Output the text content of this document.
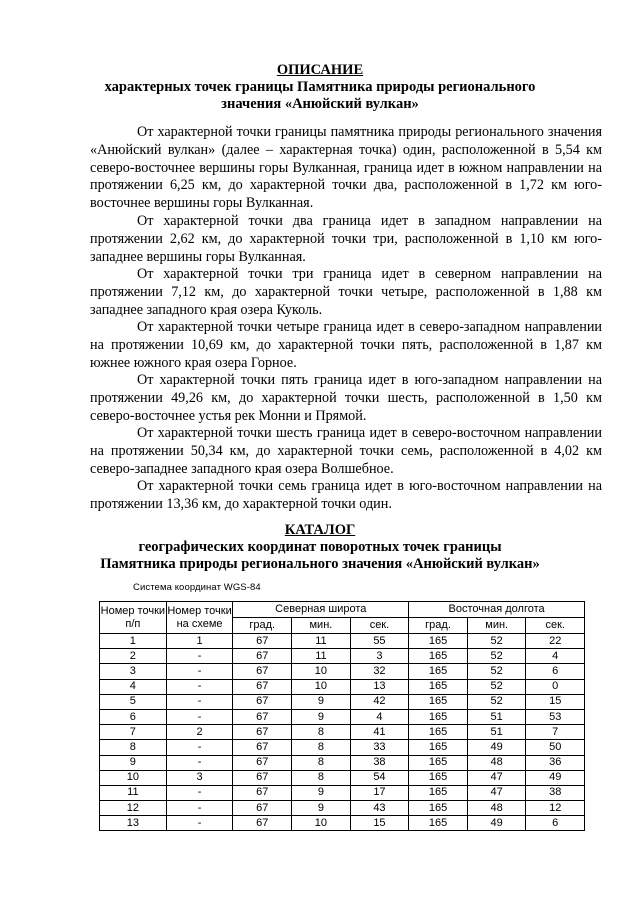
ОПИСАНИЕ
характерных точек границы Памятника природы регионального
значения «Анюйский вулкан»

От характерной точки границы памятника природы регионального значения «Анюйский вулкан» (далее – характерная точка) один, расположенной в 5,54 км северо-восточнее вершины горы Вулканная, граница идет в южном направлении на протяжении 6,25 км, до характерной точки два, расположенной в 1,72 км юго-восточнее вершины горы Вулканная.

От характерной точки два граница идет в западном направлении на протяжении 2,62 км, до характерной точки три, расположенной в 1,10 км юго-западнее вершины горы Вулканная.

От характерной точки три граница идет в северном направлении на протяжении 7,12 км, до характерной точки четыре, расположенной в 1,88 км западнее западного края озера Куколь.

От характерной точки четыре граница идет в северо-западном направлении на протяжении 10,69 км, до характерной точки пять, расположенной в 1,87 км южнее южного края озера Горное.

От характерной точки пять граница идет в юго-западном направлении на протяжении 49,26 км, до характерной точки шесть, расположенной в 1,50 км северо-восточнее устья рек Монни и Прямой.

От характерной точки шесть граница идет в северо-восточном направлении на протяжении 50,34 км, до характерной точки семь, расположенной в 4,02 км северо-западнее западного края озера Волшебное.

От характерной точки семь граница идет в юго-восточном направлении на протяжении 13,36 км, до характерной точки один.

КАТАЛОГ
географических координат поворотных точек границы
Памятника природы регионального значения «Анюйский вулкан»
Система координат WGS-84
Номер точки п/п	Номер точки на схеме	Северная широта			Восточная долгота		
		град.	мин.	сек.	град.	мин.	сек.
1	1	67	11	55	165	52	22
2	-	67	11	3	165	52	4
3	-	67	10	32	165	52	6
4	-	67	10	13	165	52	0
5	-	67	9	42	165	52	15
6	-	67	9	4	165	51	53
7	2	67	8	41	165	51	7
8	-	67	8	33	165	49	50
9	-	67	8	38	165	48	36
10	3	67	8	54	165	47	49
11	-	67	9	17	165	47	38
12	-	67	9	43	165	48	12
13	-	67	10	15	165	49	6
